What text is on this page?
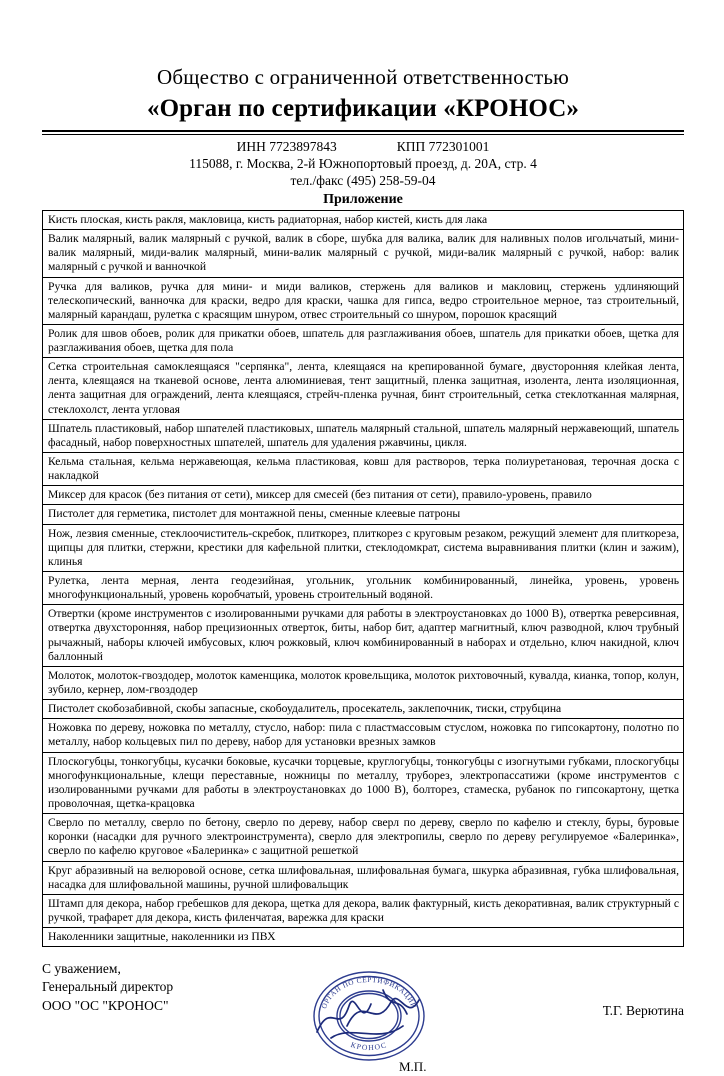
Общество с ограниченной ответственностью
«Орган по сертификации «КРОНОС»
ИНН 7723897843	КПП 772301001
115088, г. Москва, 2-й Южнопортовый проезд, д. 20А, стр. 4
тел./факс (495) 258-59-04
Приложение
Кисть плоская, кисть ракля, макловица, кисть радиаторная, набор кистей, кисть для лака
Валик малярный, валик малярный с ручкой, валик в сборе, шубка для валика, валик для наливных полов игольчатый, мини-валик малярный, миди-валик малярный, мини-валик малярный с ручкой, миди-валик малярный с ручкой, набор: валик малярный с ручкой и ванночкой
Ручка для валиков, ручка для мини- и миди валиков, стержень для валиков и макловиц, стержень удлиняющий телескопический, ванночка для краски, ведро для краски, чашка для гипса, ведро строительное мерное, таз строительный, малярный карандаш, рулетка с красящим шнуром, отвес строительный со шнуром, порошок красящий
Ролик для швов обоев, ролик для прикатки обоев, шпатель для разглаживания обоев, шпатель для прикатки обоев, щетка для разглаживания обоев, щетка для пола
Сетка строительная самоклеящаяся "серпянка", лента, клеящаяся на крепированной бумаге, двусторонняя клейкая лента, лента, клеящаяся на тканевой основе, лента алюминиевая, тент защитный, пленка защитная, изолента, лента изоляционная, лента защитная для ограждений, лента клеящаяся, стрейч-пленка ручная, бинт строительный, сетка стеклотканная малярная, стеклохолст, лента угловая
Шпатель пластиковый, набор шпателей пластиковых, шпатель малярный стальной, шпатель малярный нержавеющий, шпатель фасадный, набор поверхностных шпателей, шпатель для удаления ржавчины, цикля.
Кельма стальная, кельма нержавеющая, кельма пластиковая, ковш для растворов, терка полиуретановая, терочная доска с накладкой
Миксер для красок (без питания от сети), миксер для смесей (без питания от сети), правило-уровень, правило
Пистолет для герметика, пистолет для монтажной пены, сменные клеевые патроны
Нож, лезвия сменные, стеклоочиститель-скребок, плиткорез, плиткорез с круговым резаком, режущий элемент для плиткореза, щипцы для плитки, стержни, крестики для кафельной плитки, стеклодомкрат, система выравнивания плитки (клин и зажим), клинья
Рулетка, лента мерная, лента геодезийная, угольник, угольник комбинированный, линейка, уровень, уровень многофункциональный, уровень коробчатый, уровень строительный водяной.
Отвертки (кроме инструментов с изолированными ручками для работы в электроустановках до 1000 В), отвертка реверсивная, отвертка двухсторонняя, набор прецизионных отверток, биты, набор бит, адаптер магнитный, ключ разводной, ключ трубный рычажный, наборы ключей имбусовых, ключ рожковый, ключ комбинированный в наборах и отдельно, ключ накидной, ключ баллонный
Молоток, молоток-гвоздодер, молоток каменщика, молоток кровельщика, молоток рихтовочный, кувалда, кианка, топор, колун, зубило, кернер, лом-гвоздодер
Пистолет скобозабивной, скобы запасные, скобоудалитель, просекатель, заклепочник, тиски, струбцина
Ножовка по дереву, ножовка по металлу, стусло, набор: пила с пластмассовым стуслом, ножовка по гипсокартону, полотно по металлу, набор кольцевых пил по дереву, набор для установки врезных замков
Плоскогубцы, тонкогубцы, кусачки боковые, кусачки торцевые, круглогубцы, тонкогубцы с изогнутыми губками, плоскогубцы многофункциональные, клещи переставные, ножницы по металлу, труборез, электропассатижи (кроме инструментов с изолированными ручками для работы в электроустановках до 1000 В), болторез, стамеска, рубанок по гипсокартону, щетка проволочная, щетка-крацовка
Сверло по металлу, сверло по бетону, сверло по дереву, набор сверл по дереву, сверло по кафелю и стеклу, буры, буровые коронки (насадки для ручного электроинструмента), сверло для электропилы, сверло по дереву регулируемое «Балеринка», сверло по кафелю круговое «Балеринка» с защитной решеткой
Круг абразивный на велюровой основе, сетка шлифовальная, шлифовальная бумага, шкурка абразивная, губка шлифовальная, насадка для шлифовальной машины, ручной шлифовальщик
Штамп для декора, набор гребешков для декора, щетка для декора, валик фактурный, кисть декоративная, валик структурный с ручкой, трафарет для декора, кисть филенчатая, варежка для краски
Наколенники защитные, наколенники из ПВХ
С уважением,
Генеральный директор
ООО "ОС "КРОНОС"	Т.Г. Верютина
ОРГАН ПО СЕРТИФИКАЦИИ
КРОНОС
М.П.
